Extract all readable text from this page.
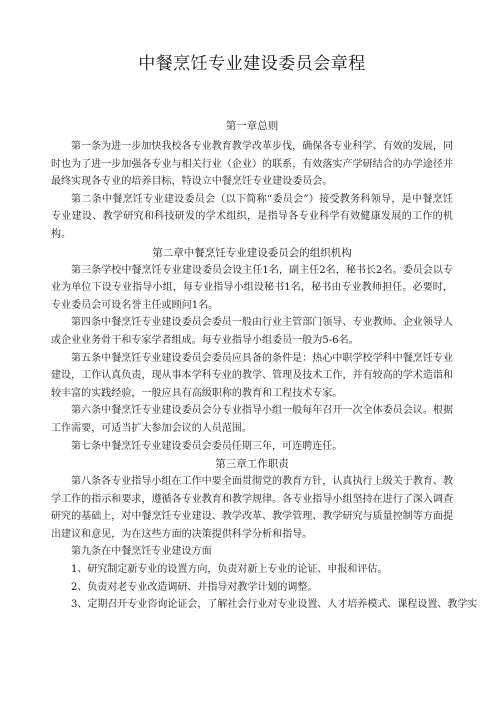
中餐烹饪专业建设委员会章程

第一章总则

第一条为进一步加快我校各专业教育教学改革步伐，确保各专业科学、有效的发展，同时也为了进一步加强各专业与相关行业（企业）的联系，有效落实产学研结合的办学途径并最终实现各专业的培养目标，特设立中餐烹饪专业建设委员会。

第二条中餐烹饪专业建设委员会（以下简称“委员会”）接受教务科领导，是中餐烹饪专业建设、教学研究和科技研发的学术组织，是指导各专业科学有效健康发展的工作的机构。

第二章中餐烹饪专业建设委员会的组织机构

第三条学校中餐烹饪专业建设委员会设主任1名，副主任2名，秘书长2名。委员会以专业为单位下设专业指导小组，每专业指导小组设秘书1名，秘书由专业教师担任。必要时，专业委员会可设名誉主任或顾问1名。

第四条中餐烹饪专业建设委员会委员一般由行业主管部门领导、专业教师、企业领导人或企业业务骨干和专家学者组成。每专业指导小组委员一般为5-6名。

第五条中餐烹饪专业建设委员会委员应具备的条件是：热心中职学校学科中餐烹饪专业建设，工作认真负责，现从事本学科专业的教学、管理及技术工作，并有较高的学术造诣和较丰富的实践经验，一般应具有高级职称的教育和工程技术专家。

第六条中餐烹饪专业建设委员会分专业指导小组一般每年召开一次全体委员会议。根据工作需要，可适当扩大参加会议的人员范围。

第七条中餐烹饪专业建设委员会委员任期三年，可连聘连任。

第三章工作职责

第八条各专业指导小组在工作中要全面贯彻党的教育方针，认真执行上级关于教育、教学工作的指示和要求，遵循各专业教育和教学规律。各专业指导小组坚持在进行了深入调查研究的基础上，对中餐烹饪专业建设、教学改革、教学管理、教学研究与质量控制等方面提出建议和意见，为在这些方面的决策提供科学分析和指导。

第九条在中餐烹饪专业建设方面

1、研究制定新专业的设置方向，负责对新上专业的论证、申报和评估。

2、负责对老专业改造调研、并指导对教学计划的调整。

3、定期召开专业咨询论证会，了解社会行业对专业设置、人才培养模式、课程设置、教学实
